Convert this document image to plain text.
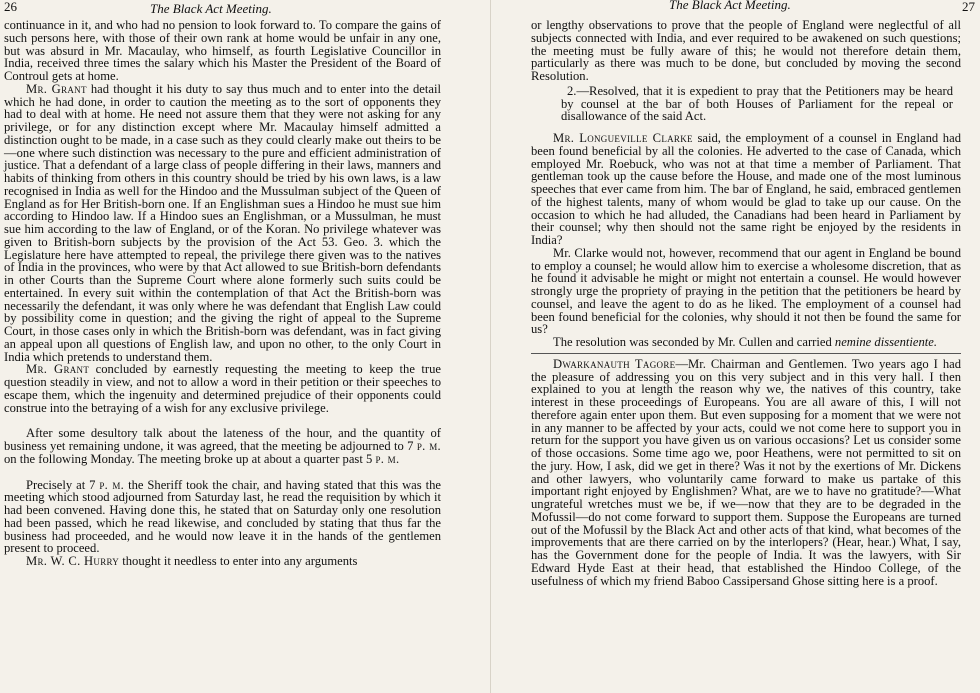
26	The Black Act Meeting.

continuance in it, and who had no pension to look forward to. To compare the gains of such persons here, with those of their own rank at home would be unfair in any one, but was absurd in Mr. Macaulay, who himself, as fourth Legislative Councillor in India, received three times the salary which his Master the President of the Board of Controul gets at home.

Mr. Grant had thought it his duty to say thus much and to enter into the detail which he had done, in order to caution the meeting as to the sort of opponents they had to deal with at home. He need not assure them that they were not asking for any privilege, or for any distinction except where Mr. Macaulay himself admitted a distinction ought to be made, in a case such as they could clearly make out theirs to be—one where such distinction was necessary to the pure and efficient administration of justice. That a defendant of a large class of people differing in their laws, manners and habits of thinking from others in this country should be tried by his own laws, is a law recognised in India as well for the Hindoo and the Mussulman subject of the Queen of England as for Her British-born one. If an Englishman sues a Hindoo he must sue him according to Hindoo law. If a Hindoo sues an Englishman, or a Mussulman, he must sue him according to the law of England, or of the Koran. No privilege whatever was given to British-born subjects by the provision of the Act 53. Geo. 3. which the Legislature here have attempted to repeal, the privilege there given was to the natives of India in the provinces, who were by that Act allowed to sue British-born defendants in other Courts than the Supreme Court where alone formerly such suits could be entertained. In every suit within the contemplation of that Act the British-born was necessarily the defendant, it was only where he was defendant that English Law could by possibility come in question; and the giving the right of appeal to the Supreme Court, in those cases only in which the British-born was defendant, was in fact giving an appeal upon all questions of English law, and upon no other, to the only Court in India which pretends to understand them.

Mr. Grant concluded by earnestly requesting the meeting to keep the true question steadily in view, and not to allow a word in their petition or their speeches to escape them, which the ingenuity and determined prejudice of their opponents could construe into the betraying of a wish for any exclusive privilege.

After some desultory talk about the lateness of the hour, and the quantity of business yet remaining undone, it was agreed, that the meeting be adjourned to 7 p. m. on the following Monday. The meeting broke up at about a quarter past 5 p. m.

Precisely at 7 p. m. the Sheriff took the chair, and having stated that this was the meeting which stood adjourned from Saturday last, he read the requisition by which it had been convened. Having done this, he stated that on Saturday only one resolution had been passed, which he read likewise, and concluded by stating that thus far the business had proceeded, and he would now leave it in the hands of the gentlemen present to proceed.

Mr. W. C. Hurry thought it needless to enter into any arguments

The Black Act Meeting.	27

or lengthy observations to prove that the people of England were neglectful of all subjects connected with India, and ever required to be awakened on such questions; the meeting must be fully aware of this; he would not therefore detain them, particularly as there was much to be done, but concluded by moving the second Resolution.

2.—Resolved, that it is expedient to pray that the Petitioners may be heard by counsel at the bar of both Houses of Parliament for the repeal or disallowance of the said Act.

Mr. Longueville Clarke said, the employment of a counsel in England had been found beneficial by all the colonies. He adverted to the case of Canada, which employed Mr. Roebuck, who was not at that time a member of Parliament. That gentleman took up the cause before the House, and made one of the most luminous speeches that ever came from him. The bar of England, he said, embraced gentlemen of the highest talents, many of whom would be glad to take up our cause. On the occasion to which he had alluded, the Canadians had been heard in Parliament by their counsel; why then should not the same right be enjoyed by the residents in India?

Mr. Clarke would not, however, recommend that our agent in England be bound to employ a counsel; he would allow him to exercise a wholesome discretion, that as he found it advisable he might or might not entertain a counsel. He would however strongly urge the propriety of praying in the petition that the petitioners be heard by counsel, and leave the agent to do as he liked. The employment of a counsel had been found beneficial for the colonies, why should it not then be found the same for us?

The resolution was seconded by Mr. Cullen and carried nemine dissentiente.

Dwarkanauth Tagore—Mr. Chairman and Gentlemen. Two years ago I had the pleasure of addressing you on this very subject and in this very hall. I then explained to you at length the reason why we, the natives of this country, take interest in these proceedings of Europeans. You are all aware of this, I will not therefore again enter upon them. But even supposing for a moment that we were not in any manner to be affected by your acts, could we not come here to support you in return for the support you have given us on various occasions? Let us consider some of those occasions. Some time ago we, poor Heathens, were not permitted to sit on the jury. How, I ask, did we get in there? Was it not by the exertions of Mr. Dickens and other lawyers, who voluntarily came forward to make us partake of this important right enjoyed by Englishmen? What, are we to have no gratitude?—What ungrateful wretches must we be, if we—now that they are to be degraded in the Mofussil—do not come forward to support them. Suppose the Europeans are turned out of the Mofussil by the Black Act and other acts of that kind, what becomes of the improvements that are there carried on by the interlopers? (Hear, hear.) What, I say, has the Government done for the people of India. It was the lawyers, with Sir Edward Hyde East at their head, that established the Hindoo College, of the usefulness of which my friend Baboo Cassipersand Ghose sitting here is a proof.
